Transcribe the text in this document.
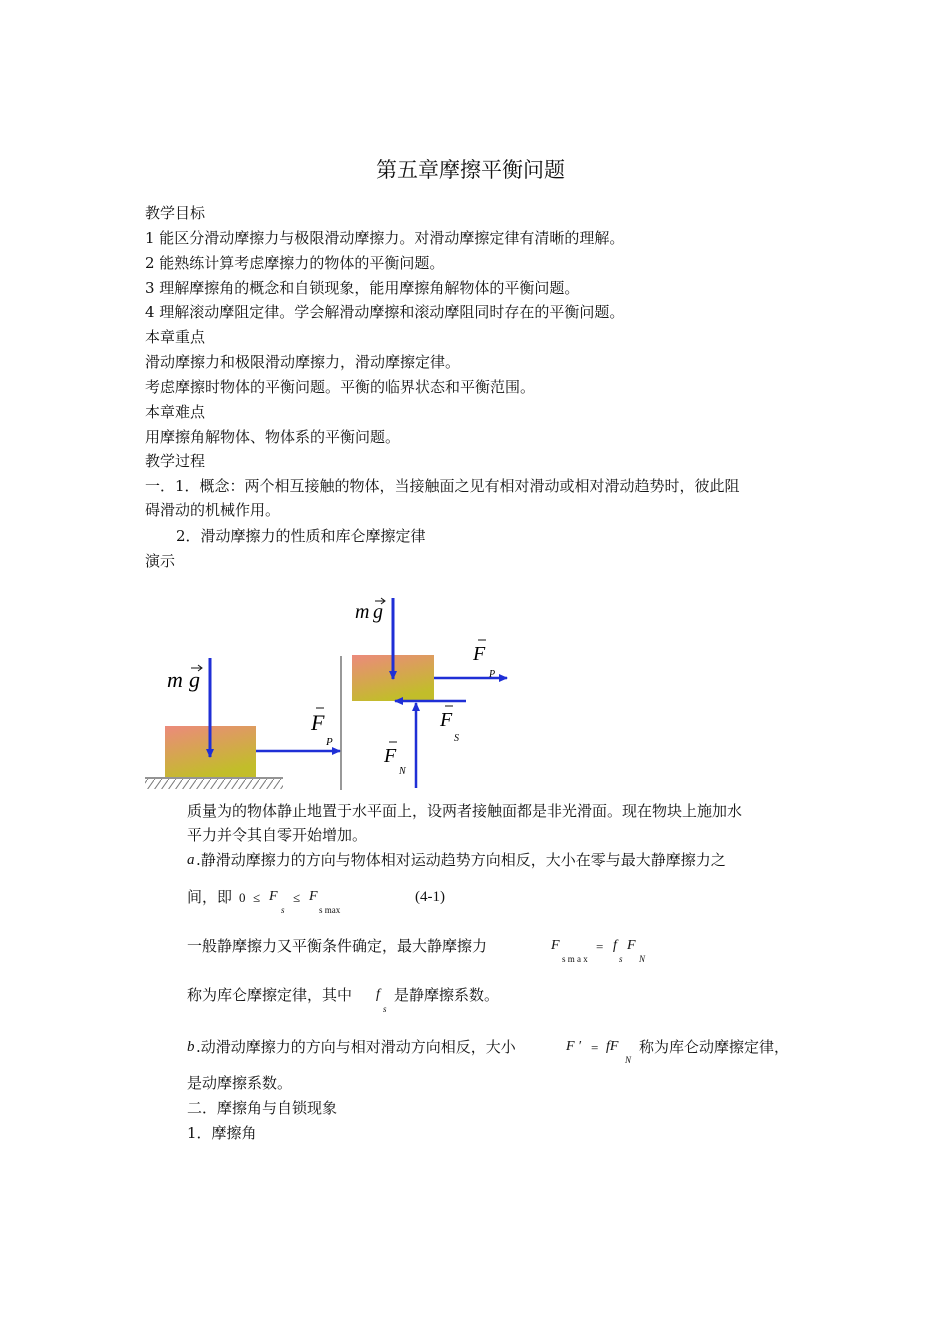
第五章摩擦平衡问题
教学目标
1 能区分滑动摩擦力与极限滑动摩擦力。对滑动摩擦定律有清晰的理解。
2 能熟练计算考虑摩擦力的物体的平衡问题。
3 理解摩擦角的概念和自锁现象，能用摩擦角解物体的平衡问题。
4 理解滚动摩阻定律。学会解滑动摩擦和滚动摩阻同时存在的平衡问题。
本章重点
滑动摩擦力和极限滑动摩擦力，滑动摩擦定律。
考虑摩擦时物体的平衡问题。平衡的临界状态和平衡范围。
本章难点
用摩擦角解物体、物体系的平衡问题。
教学过程
一．1．概念：两个相互接触的物体，当接触面之见有相对滑动或相对滑动趋势时，彼此阻
碍滑动的机械作用。
2．滑动摩擦力的性质和库仑摩擦定律
演示
m g
F
P
m g
F
P
F
S
F
N
质量为的物体静止地置于水平面上，设两者接触面都是非光滑面。现在物块上施加水
平力并令其自零开始增加。
a .静滑动摩擦力的方向与物体相对运动趋势方向相反，大小在零与最大静摩擦力之
间，即 0 ≤ F
s
≤ F
s max
(4-1)
一般静摩擦力又平衡条件确定，最大静摩擦力	F
s m a x
= f
s
F
N
称为库仑摩擦定律，其中 f
s
是静摩擦系数。
b .动滑动摩擦力的方向与相对滑动方向相反，大小	F ′ = fF
N
称为库仑动摩擦定律，
是动摩擦系数。
二．摩擦角与自锁现象
1．摩擦角
